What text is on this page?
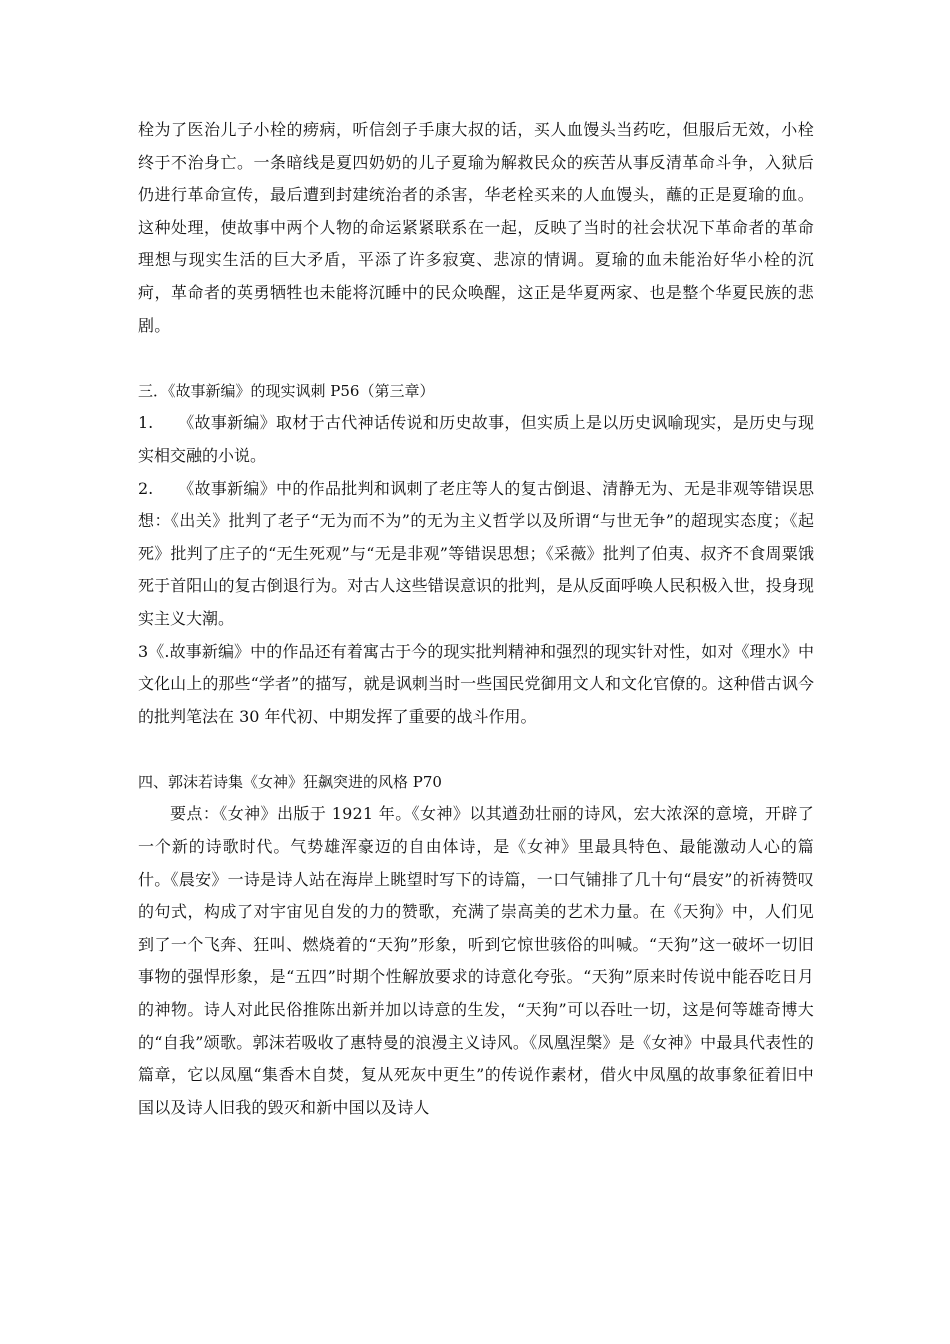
栓为了医治儿子小栓的痨病，听信刽子手康大叔的话，买人血馒头当药吃，但服后无效，小栓终于不治身亡。一条暗线是夏四奶奶的儿子夏瑜为解救民众的疾苦从事反清革命斗争，入狱后仍进行革命宣传，最后遭到封建统治者的杀害，华老栓买来的人血馒头，蘸的正是夏瑜的血。这种处理，使故事中两个人物的命运紧紧联系在一起，反映了当时的社会状况下革命者的革命理想与现实生活的巨大矛盾，平添了许多寂寞、悲凉的情调。夏瑜的血未能治好华小栓的沉疴，革命者的英勇牺牲也未能将沉睡中的民众唤醒，这正是华夏两家、也是整个华夏民族的悲剧。

三．《故事新编》的现实讽刺 P56（第三章）

1.　　《故事新编》取材于古代神话传说和历史故事，但实质上是以历史讽喻现实，是历史与现实相交融的小说。

2.　　《故事新编》中的作品批判和讽刺了老庄等人的复古倒退、清静无为、无是非观等错误思想：《出关》批判了老子“无为而不为”的无为主义哲学以及所谓“与世无争”的超现实态度；《起死》批判了庄子的“无生死观”与“无是非观”等错误思想；《采薇》批判了伯夷、叔齐不食周粟饿死于首阳山的复古倒退行为。对古人这些错误意识的批判，是从反面呼唤人民积极入世，投身现实主义大潮。

3《.故事新编》中的作品还有着寓古于今的现实批判精神和强烈的现实针对性，如对《理水》中文化山上的那些“学者”的描写，就是讽刺当时一些国民党御用文人和文化官僚的。这种借古讽今的批判笔法在 30 年代初、中期发挥了重要的战斗作用。

四、郭沫若诗集《女神》狂飙突进的风格 P70

要点：《女神》出版于 1921 年。《女神》以其遒劲壮丽的诗风，宏大浓深的意境，开辟了一个新的诗歌时代。气势雄浑豪迈的自由体诗，是《女神》里最具特色、最能激动人心的篇什。《晨安》一诗是诗人站在海岸上眺望时写下的诗篇，一口气铺排了几十句“晨安”的祈祷赞叹的句式，构成了对宇宙见自发的力的赞歌，充满了崇高美的艺术力量。在《天狗》中，人们见到了一个飞奔、狂叫、燃烧着的“天狗”形象，听到它惊世骇俗的叫喊。“天狗”这一破坏一切旧事物的强悍形象，是“五四”时期个性解放要求的诗意化夸张。“天狗”原来时传说中能吞吃日月的神物。诗人对此民俗推陈出新并加以诗意的生发，“天狗”可以吞吐一切，这是何等雄奇博大的“自我”颂歌。郭沫若吸收了惠特曼的浪漫主义诗风。《凤凰涅槃》是《女神》中最具代表性的篇章，它以凤凰“集香木自焚，复从死灰中更生”的传说作素材，借火中凤凰的故事象征着旧中国以及诗人旧我的毁灭和新中国以及诗人
